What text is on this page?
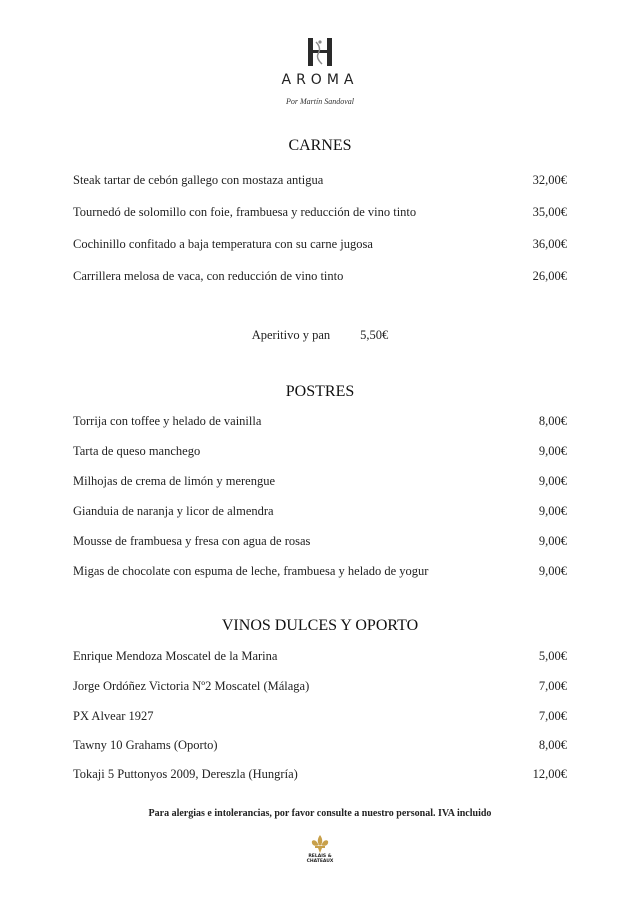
AROMA
Por Martín Sandoval
CARNES
Steak tartar de cebón gallego con mostaza antigua	32,00€
Tournedó de solomillo con foie, frambuesa y reducción de vino tinto	35,00€
Cochinillo confitado a baja temperatura con su carne jugosa	36,00€
Carrillera melosa de vaca, con reducción de vino tinto	26,00€
Aperitivo y pan 5,50€
POSTRES
Torrija con toffee y helado de vainilla	8,00€
Tarta de queso manchego	9,00€
Milhojas de crema de limón y merengue	9,00€
Gianduia de naranja y licor de almendra	9,00€
Mousse de frambuesa y fresa con agua de rosas	9,00€
Migas de chocolate con espuma de leche, frambuesa y helado de yogur	9,00€
VINOS DULCES Y OPORTO
Enrique Mendoza Moscatel de la Marina	5,00€
Jorge Ordóñez Victoria Nº2 Moscatel (Málaga)	7,00€
PX Alvear 1927	7,00€
Tawny 10 Grahams (Oporto)	8,00€
Tokaji 5 Puttonyos 2009, Dereszla (Hungría)	12,00€
Para alergias e intolerancias, por favor consulte a nuestro personal. IVA incluido
RELAIS &
CHATEAUX
